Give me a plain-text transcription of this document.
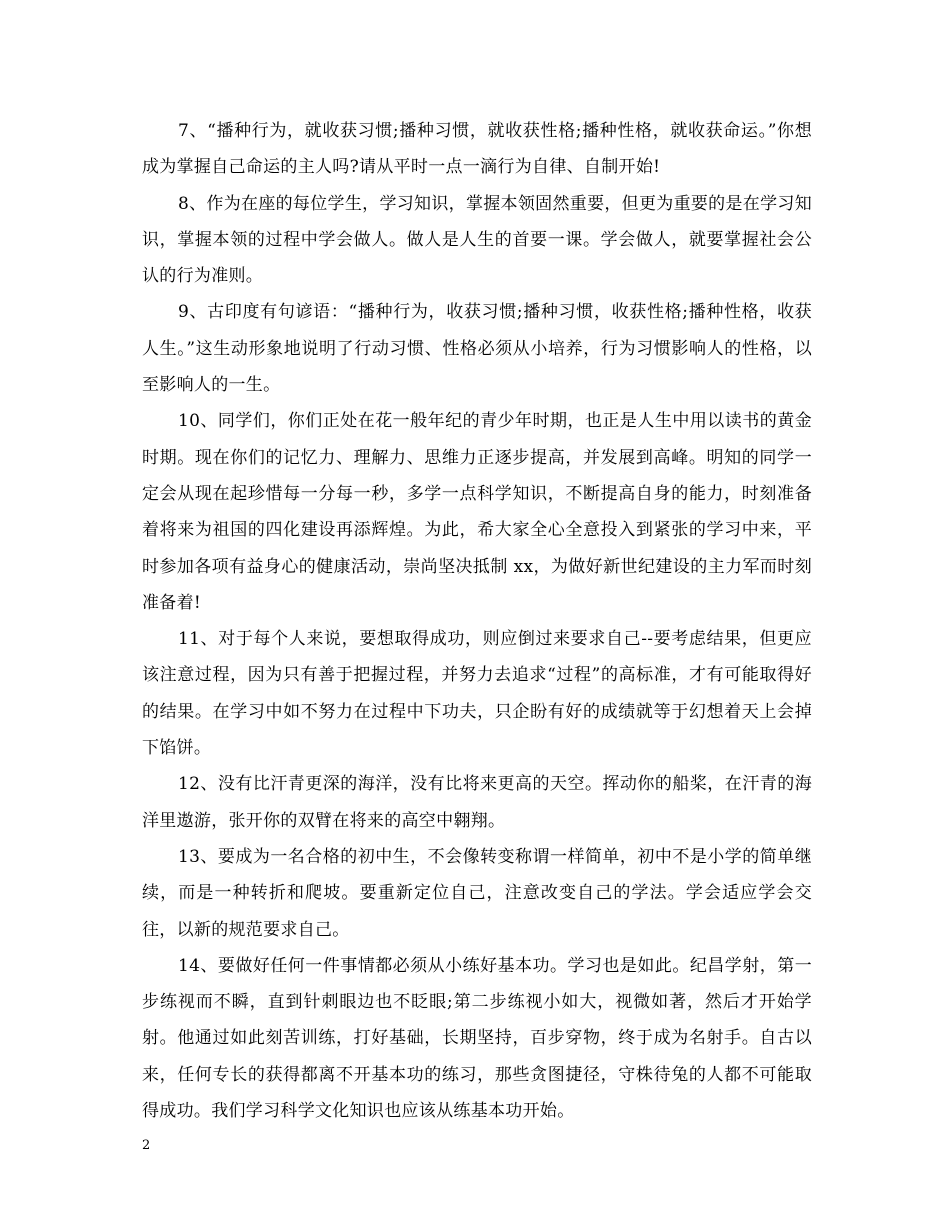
7、“播种行为，就收获习惯;播种习惯，就收获性格;播种性格，就收获命运。”你想成为掌握自己命运的主人吗?请从平时一点一滴行为自律、自制开始!

8、作为在座的每位学生，学习知识，掌握本领固然重要，但更为重要的是在学习知识，掌握本领的过程中学会做人。做人是人生的首要一课。学会做人，就要掌握社会公认的行为准则。

9、古印度有句谚语：“播种行为，收获习惯;播种习惯，收获性格;播种性格，收获人生。”这生动形象地说明了行动习惯、性格必须从小培养，行为习惯影响人的性格，以至影响人的一生。

10、同学们，你们正处在花一般年纪的青少年时期，也正是人生中用以读书的黄金时期。现在你们的记忆力、理解力、思维力正逐步提高，并发展到高峰。明知的同学一定会从现在起珍惜每一分每一秒，多学一点科学知识，不断提高自身的能力，时刻准备着将来为祖国的四化建设再添辉煌。为此，希大家全心全意投入到紧张的学习中来，平时参加各项有益身心的健康活动，崇尚坚决抵制 xx，为做好新世纪建设的主力军而时刻准备着!

11、对于每个人来说，要想取得成功，则应倒过来要求自己--要考虑结果，但更应该注意过程，因为只有善于把握过程，并努力去追求“过程”的高标准，才有可能取得好的结果。在学习中如不努力在过程中下功夫，只企盼有好的成绩就等于幻想着天上会掉下馅饼。

12、没有比汗青更深的海洋，没有比将来更高的天空。挥动你的船桨，在汗青的海洋里遨游，张开你的双臂在将来的高空中翱翔。

13、要成为一名合格的初中生，不会像转变称谓一样简单，初中不是小学的简单继续，而是一种转折和爬坡。要重新定位自己，注意改变自己的学法。学会适应学会交往，以新的规范要求自己。

14、要做好任何一件事情都必须从小练好基本功。学习也是如此。纪昌学射，第一步练视而不瞬，直到针刺眼边也不眨眼;第二步练视小如大，视微如著，然后才开始学射。他通过如此刻苦训练，打好基础，长期坚持，百步穿物，终于成为名射手。自古以来，任何专长的获得都离不开基本功的练习，那些贪图捷径，守株待兔的人都不可能取得成功。我们学习科学文化知识也应该从练基本功开始。

2
